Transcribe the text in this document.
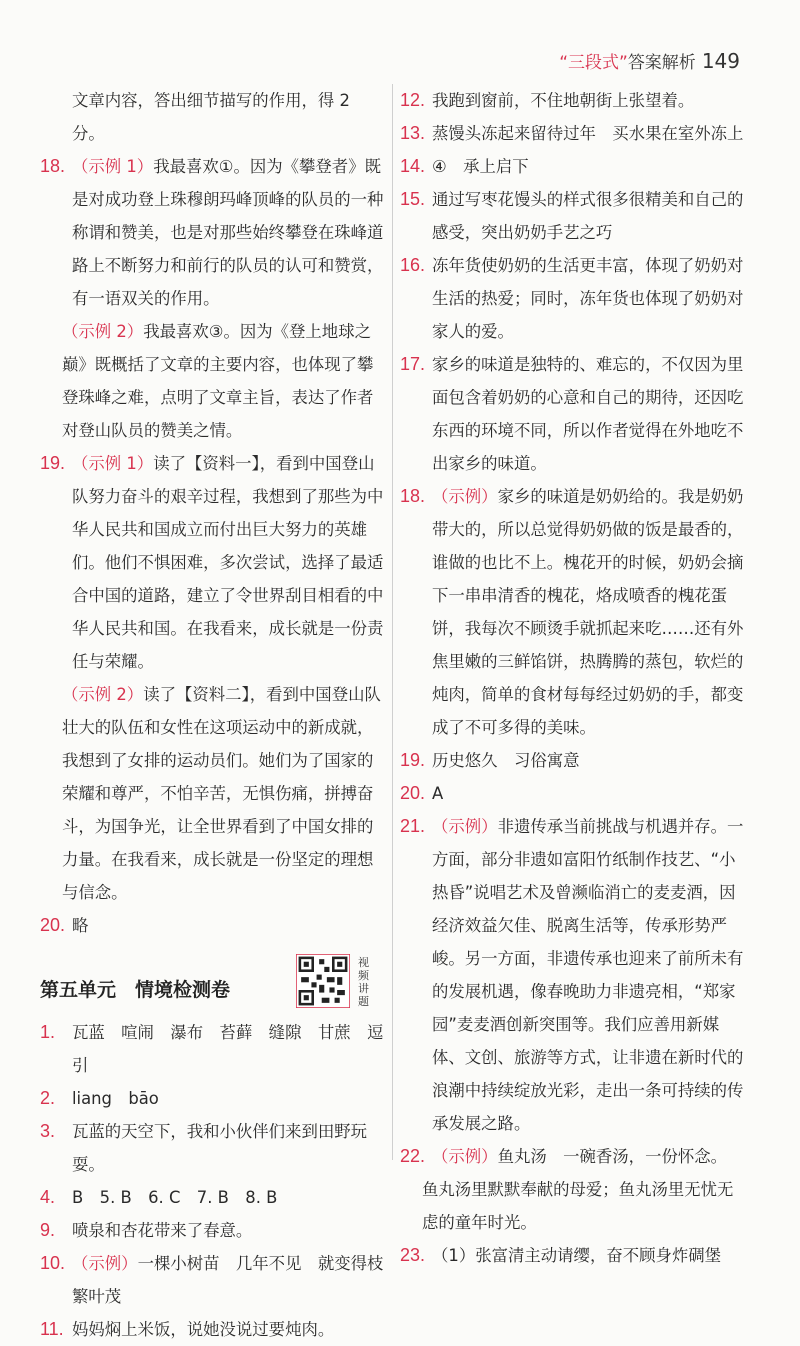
“三段式”答案解析 149
文章内容，答出细节描写的作用，得 2 分。
18. （示例 1）我最喜欢①。因为《攀登者》既是对成功登上珠穆朗玛峰顶峰的队员的一种称谓和赞美，也是对那些始终攀登在珠峰道路上不断努力和前行的队员的认可和赞赏，有一语双关的作用。
（示例 2）我最喜欢③。因为《登上地球之巅》既概括了文章的主要内容，也体现了攀登珠峰之难，点明了文章主旨，表达了作者对登山队员的赞美之情。
19. （示例 1）读了【资料一】，看到中国登山队努力奋斗的艰辛过程，我想到了那些为中华人民共和国成立而付出巨大努力的英雄们。他们不惧困难，多次尝试，选择了最适合中国的道路，建立了令世界刮目相看的中华人民共和国。在我看来，成长就是一份责任与荣耀。
（示例 2）读了【资料二】，看到中国登山队壮大的队伍和女性在这项运动中的新成就，我想到了女排的运动员们。她们为了国家的荣耀和尊严，不怕辛苦，无惧伤痛，拼搏奋斗，为国争光，让全世界看到了中国女排的力量。在我看来，成长就是一份坚定的理想与信念。
20. 略
第五单元　情境检测卷
视频讲题
1. 瓦蓝　喧闹　瀑布　苔藓　缝隙　甘蔗　逗引
2. liang　bāo
3. 瓦蓝的天空下，我和小伙伴们来到田野玩耍。
4. B　5. B　6. C　7. B　8. B
9. 喷泉和杏花带来了春意。
10. （示例）一棵小树苗　几年不见　就变得枝繁叶茂
11. 妈妈焖上米饭，说她没说过要炖肉。
12. 我跑到窗前，不住地朝街上张望着。
13. 蒸馒头冻起来留待过年　买水果在室外冻上
14. ④　承上启下
15. 通过写枣花馒头的样式很多很精美和自己的感受，突出奶奶手艺之巧
16. 冻年货使奶奶的生活更丰富，体现了奶奶对生活的热爱；同时，冻年货也体现了奶奶对家人的爱。
17. 家乡的味道是独特的、难忘的，不仅因为里面包含着奶奶的心意和自己的期待，还因吃东西的环境不同，所以作者觉得在外地吃不出家乡的味道。
18. （示例）家乡的味道是奶奶给的。我是奶奶带大的，所以总觉得奶奶做的饭是最香的，谁做的也比不上。槐花开的时候，奶奶会摘下一串串清香的槐花，烙成喷香的槐花蛋饼，我每次不顾烫手就抓起来吃……还有外焦里嫩的三鲜馅饼，热腾腾的蒸包，软烂的炖肉，简单的食材每每经过奶奶的手，都变成了不可多得的美味。
19. 历史悠久　习俗寓意
20. A
21. （示例）非遗传承当前挑战与机遇并存。一方面，部分非遗如富阳竹纸制作技艺、“小热昏”说唱艺术及曾濒临消亡的麦麦酒，因经济效益欠佳、脱离生活等，传承形势严峻。另一方面，非遗传承也迎来了前所未有的发展机遇，像春晚助力非遗亮相，“郑家园”麦麦酒创新突围等。我们应善用新媒体、文创、旅游等方式，让非遗在新时代的浪潮中持续绽放光彩，走出一条可持续的传承发展之路。
22. （示例）鱼丸汤　一碗香汤，一份怀念。
鱼丸汤里默默奉献的母爱；鱼丸汤里无忧无虑的童年时光。
23. （1）张富清主动请缨，奋不顾身炸碉堡
